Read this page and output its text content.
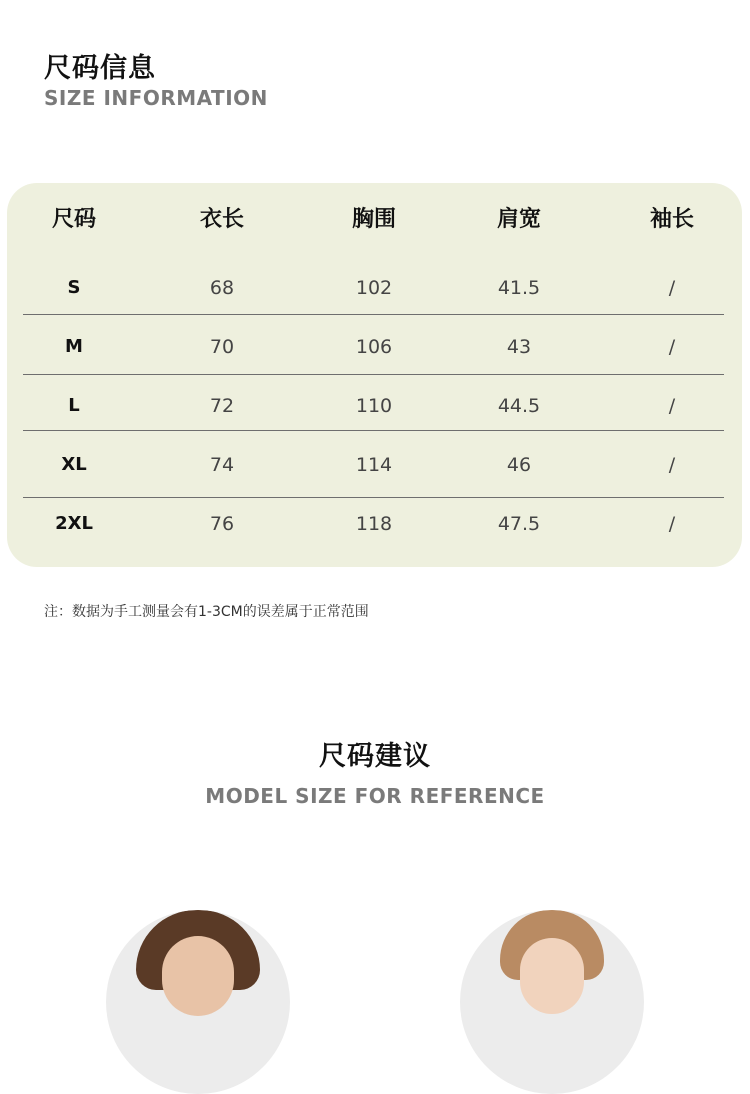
尺码信息
SIZE INFORMATION
尺码	衣长	胸围	肩宽	袖长
S	68	102	41.5	/
M	70	106	43	/
L	72	110	44.5	/
XL	74	114	46	/
2XL	76	118	47.5	/
注：数据为手工测量会有1-3CM的误差属于正常范围
尺码建议
MODEL SIZE FOR REFERENCE
